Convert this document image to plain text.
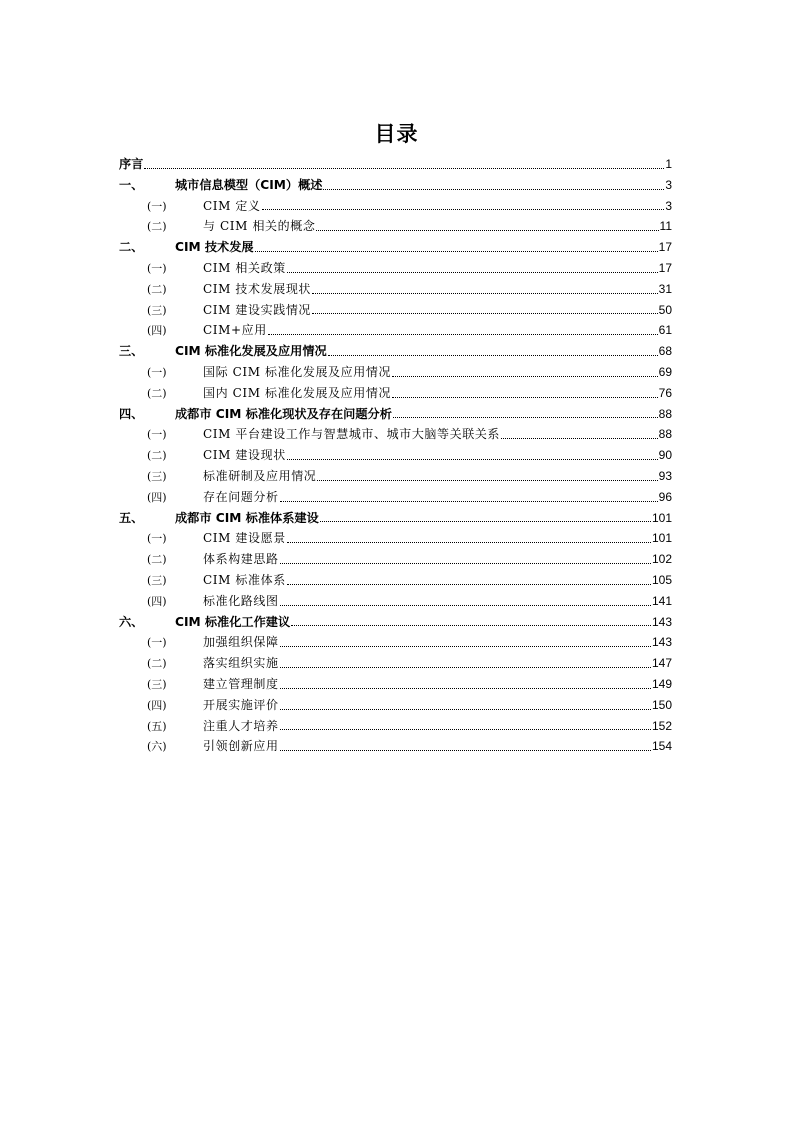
目录
序言	1
一、	城市信息模型（CIM）概述	3
(一)	CIM 定义	3
(二)	与 CIM 相关的概念	11
二、	CIM 技术发展	17
(一)	CIM 相关政策	17
(二)	CIM 技术发展现状	31
(三)	CIM 建设实践情况	50
(四)	CIM+应用	61
三、	CIM 标准化发展及应用情况	68
(一)	国际 CIM 标准化发展及应用情况	69
(二)	国内 CIM 标准化发展及应用情况	76
四、	成都市 CIM 标准化现状及存在问题分析	88
(一)	CIM 平台建设工作与智慧城市、城市大脑等关联关系	88
(二)	CIM 建设现状	90
(三)	标准研制及应用情况	93
(四)	存在问题分析	96
五、	成都市 CIM 标准体系建设	101
(一)	CIM 建设愿景	101
(二)	体系构建思路	102
(三)	CIM 标准体系	105
(四)	标准化路线图	141
六、	CIM 标准化工作建议	143
(一)	加强组织保障	143
(二)	落实组织实施	147
(三)	建立管理制度	149
(四)	开展实施评价	150
(五)	注重人才培养	152
(六)	引领创新应用	154
